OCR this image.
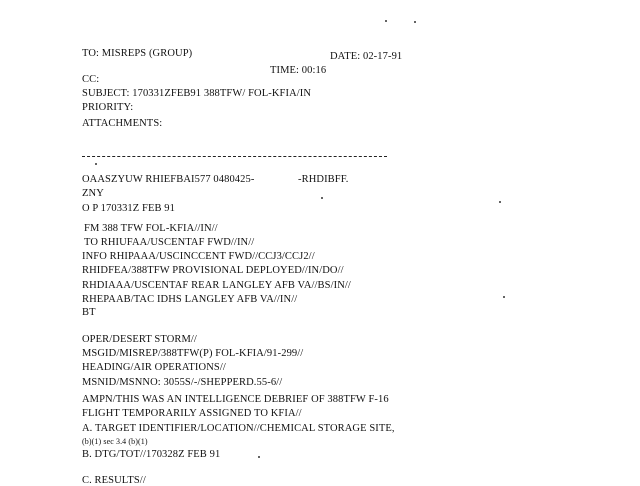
TO: MISREPS (GROUP)	DATE: 02-17-91
TIME: 00:16
CC:
SUBJECT: 170331ZFEB91 388TFW/ FOL-KFIA/IN
PRIORITY:
ATTACHMENTS:
OAASZYUW RHIEFBAI577 0480425-	-RHDIBFF.
ZNY
O P 170331Z FEB 91
FM 388 TFW FOL-KFIA//IN//
TO RHIUFAA/USCENTAF FWD//IN//
INFO RHIPAAA/USCINCCENT FWD//CCJ3/CCJ2//
RHIDFEA/388TFW PROVISIONAL DEPLOYED//IN/DO//
RHDIAAA/USCENTAF REAR LANGLEY AFB VA//BS/IN//
RHEPAAB/TAC IDHS LANGLEY AFB VA//IN//
BT
OPER/DESERT STORM//
MSGID/MISREP/388TFW(P) FOL-KFIA/91-299//
HEADING/AIR OPERATIONS//
MSNID/MSNNO: 3055S/-/SHEPPERD.55-6//
AMPN/THIS WAS AN INTELLIGENCE DEBRIEF OF 388TFW F-16
FLIGHT TEMPORARILY ASSIGNED TO KFIA//
A. TARGET IDENTIFIER/LOCATION//CHEMICAL STORAGE SITE,
(b)(1) sec 3.4 (b)(1)
B. DTG/TOT//170328Z FEB 91
C. RESULTS//
